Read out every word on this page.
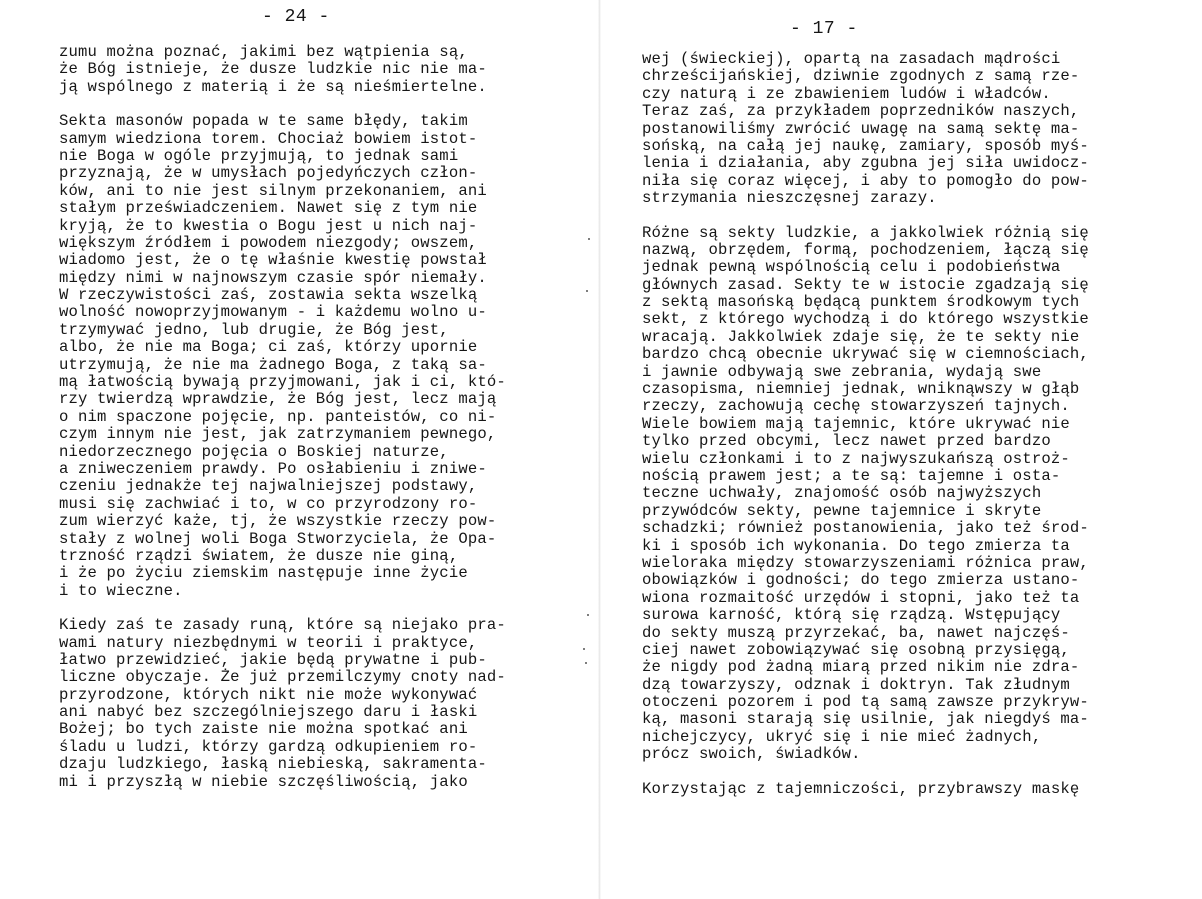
- 24 -
zumu można poznać, jakimi bez wątpienia są,
że Bóg istnieje, że dusze ludzkie nic nie ma-
ją wspólnego z materią i że są nieśmiertelne.
Sekta masonów popada w te same błędy, takim
samym wiedziona torem. Chociaż bowiem istot-
nie Boga w ogóle przyjmują, to jednak sami
przyznają, że w umysłach pojedyńczych człon-
ków, ani to nie jest silnym przekonaniem, ani
stałym przeświadczeniem. Nawet się z tym nie
kryją, że to kwestia o Bogu jest u nich naj-
większym źródłem i powodem niezgody; owszem,
wiadomo jest, że o tę właśnie kwestię powstał
między nimi w najnowszym czasie spór niemały.
W rzeczywistości zaś, zostawia sekta wszelką
wolność nowoprzyjmowanym - i każdemu wolno u-
trzymywać jedno, lub drugie, że Bóg jest,
albo, że nie ma Boga; ci zaś, którzy upornie
utrzymują, że nie ma żadnego Boga, z taką sa-
mą łatwością bywają przyjmowani, jak i ci, któ-
rzy twierdzą wprawdzie, że Bóg jest, lecz mają
o nim spaczone pojęcie, np. panteistów, co ni-
czym innym nie jest, jak zatrzymaniem pewnego,
niedorzecznego pojęcia o Boskiej naturze,
a zniweczeniem prawdy. Po osłabieniu i zniwe-
czeniu jednakże tej najwalniejszej podstawy,
musi się zachwiać i to, w co przyrodzony ro-
zum wierzyć każe, tj, że wszystkie rzeczy pow-
stały z wolnej woli Boga Stworzyciela, że Opa-
trzność rządzi światem, że dusze nie giną,
i że po życiu ziemskim następuje inne życie
i to wieczne.
Kiedy zaś te zasady runą, które są niejako pra-
wami natury niezbędnymi w teorii i praktyce,
łatwo przewidzieć, jakie będą prywatne i pub-
liczne obyczaje. Że już przemilczymy cnoty nad-
przyrodzone, których nikt nie może wykonywać
ani nabyć bez szczególniejszego daru i łaski
Bożej; bo tych zaiste nie można spotkać ani
śladu u ludzi, którzy gardzą odkupieniem ro-
dzaju ludzkiego, łaską niebieską, sakramenta-
mi i przyszłą w niebie szczęśliwością, jako
- 17 -
wej (świeckiej), opartą na zasadach mądrości
chrześcijańskiej, dziwnie zgodnych z samą rze-
czy naturą i ze zbawieniem ludów i władców.
Teraz zaś, za przykładem poprzedników naszych,
postanowiliśmy zwrócić uwagę na samą sektę ma-
sońską, na całą jej naukę, zamiary, sposób myś-
lenia i działania, aby zgubna jej siła uwidocz-
niła się coraz więcej, i aby to pomogło do pow-
strzymania nieszczęsnej zarazy.
Różne są sekty ludzkie, a jakkolwiek różnią się
nazwą, obrzędem, formą, pochodzeniem, łączą się
jednak pewną wspólnością celu i podobieństwa
głównych zasad. Sekty te w istocie zgadzają się
z sektą masońską będącą punktem środkowym tych
sekt, z którego wychodzą i do którego wszystkie
wracają. Jakkolwiek zdaje się, że te sekty nie
bardzo chcą obecnie ukrywać się w ciemnościach,
i jawnie odbywają swe zebrania, wydają swe
czasopisma, niemniej jednak, wniknąwszy w głąb
rzeczy, zachowują cechę stowarzyszeń tajnych.
Wiele bowiem mają tajemnic, które ukrywać nie
tylko przed obcymi, lecz nawet przed bardzo
wielu członkami i to z najwyszukańszą ostroż-
nością prawem jest; a te są: tajemne i osta-
teczne uchwały, znajomość osób najwyższych
przywódców sekty, pewne tajemnice i skryte
schadzki; również postanowienia, jako też środ-
ki i sposób ich wykonania. Do tego zmierza ta
wieloraka między stowarzyszeniami różnica praw,
obowiązków i godności; do tego zmierza ustano-
wiona rozmaitość urzędów i stopni, jako też ta
surowa karność, którą się rządzą. Wstępujący
do sekty muszą przyrzekać, ba, nawet najczęś-
ciej nawet zobowiązywać się osobną przysięgą,
że nigdy pod żadną miarą przed nikim nie zdra-
dzą towarzyszy, odznak i doktryn. Tak złudnym
otoczeni pozorem i pod tą samą zawsze przykryw-
ką, masoni starają się usilnie, jak niegdyś ma-
nichejczycy, ukryć się i nie mieć żadnych,
prócz swoich, świadków.
Korzystając z tajemniczości, przybrawszy maskę
